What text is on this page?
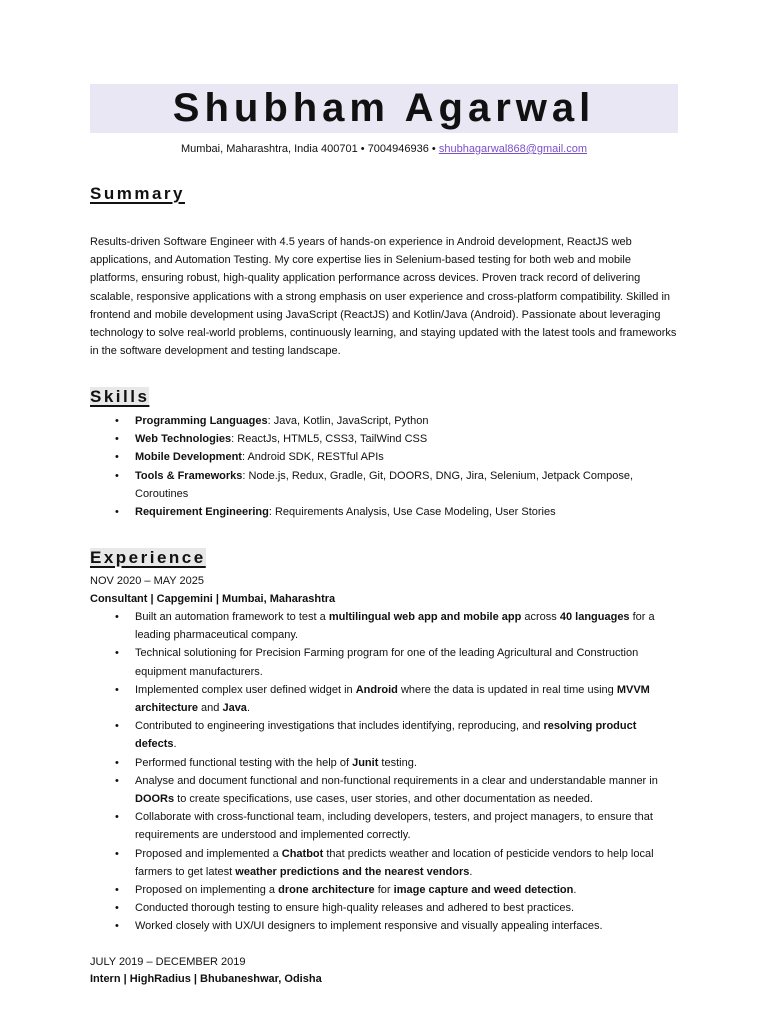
Shubham Agarwal
Mumbai, Maharashtra, India 400701 • 7004946936 • shubhagarwal868@gmail.com
Summary
Results-driven Software Engineer with 4.5 years of hands-on experience in Android development, ReactJS web applications, and Automation Testing. My core expertise lies in Selenium-based testing for both web and mobile platforms, ensuring robust, high-quality application performance across devices. Proven track record of delivering scalable, responsive applications with a strong emphasis on user experience and cross-platform compatibility. Skilled in frontend and mobile development using JavaScript (ReactJS) and Kotlin/Java (Android). Passionate about leveraging technology to solve real-world problems, continuously learning, and staying updated with the latest tools and frameworks in the software development and testing landscape.
Skills
• Programming Languages: Java, Kotlin, JavaScript, Python
• Web Technologies: ReactJs, HTML5, CSS3, TailWind CSS
• Mobile Development: Android SDK, RESTful APIs
• Tools & Frameworks: Node.js, Redux, Gradle, Git, DOORS, DNG, Jira, Selenium, Jetpack Compose, Coroutines
• Requirement Engineering: Requirements Analysis, Use Case Modeling, User Stories
Experience
NOV 2020 – MAY 2025
Consultant | Capgemini | Mumbai, Maharashtra
• Built an automation framework to test a multilingual web app and mobile app across 40 languages for a leading pharmaceutical company.
• Technical solutioning for Precision Farming program for one of the leading Agricultural and Construction equipment manufacturers.
• Implemented complex user defined widget in Android where the data is updated in real time using MVVM architecture and Java.
• Contributed to engineering investigations that includes identifying, reproducing, and resolving product defects.
• Performed functional testing with the help of Junit testing.
• Analyse and document functional and non-functional requirements in a clear and understandable manner in DOORs to create specifications, use cases, user stories, and other documentation as needed.
• Collaborate with cross-functional team, including developers, testers, and project managers, to ensure that requirements are understood and implemented correctly.
• Proposed and implemented a Chatbot that predicts weather and location of pesticide vendors to help local farmers to get latest weather predictions and the nearest vendors.
• Proposed on implementing a drone architecture for image capture and weed detection.
• Conducted thorough testing to ensure high-quality releases and adhered to best practices.
• Worked closely with UX/UI designers to implement responsive and visually appealing interfaces.
JULY 2019 – DECEMBER 2019
Intern | HighRadius | Bhubaneshwar, Odisha
